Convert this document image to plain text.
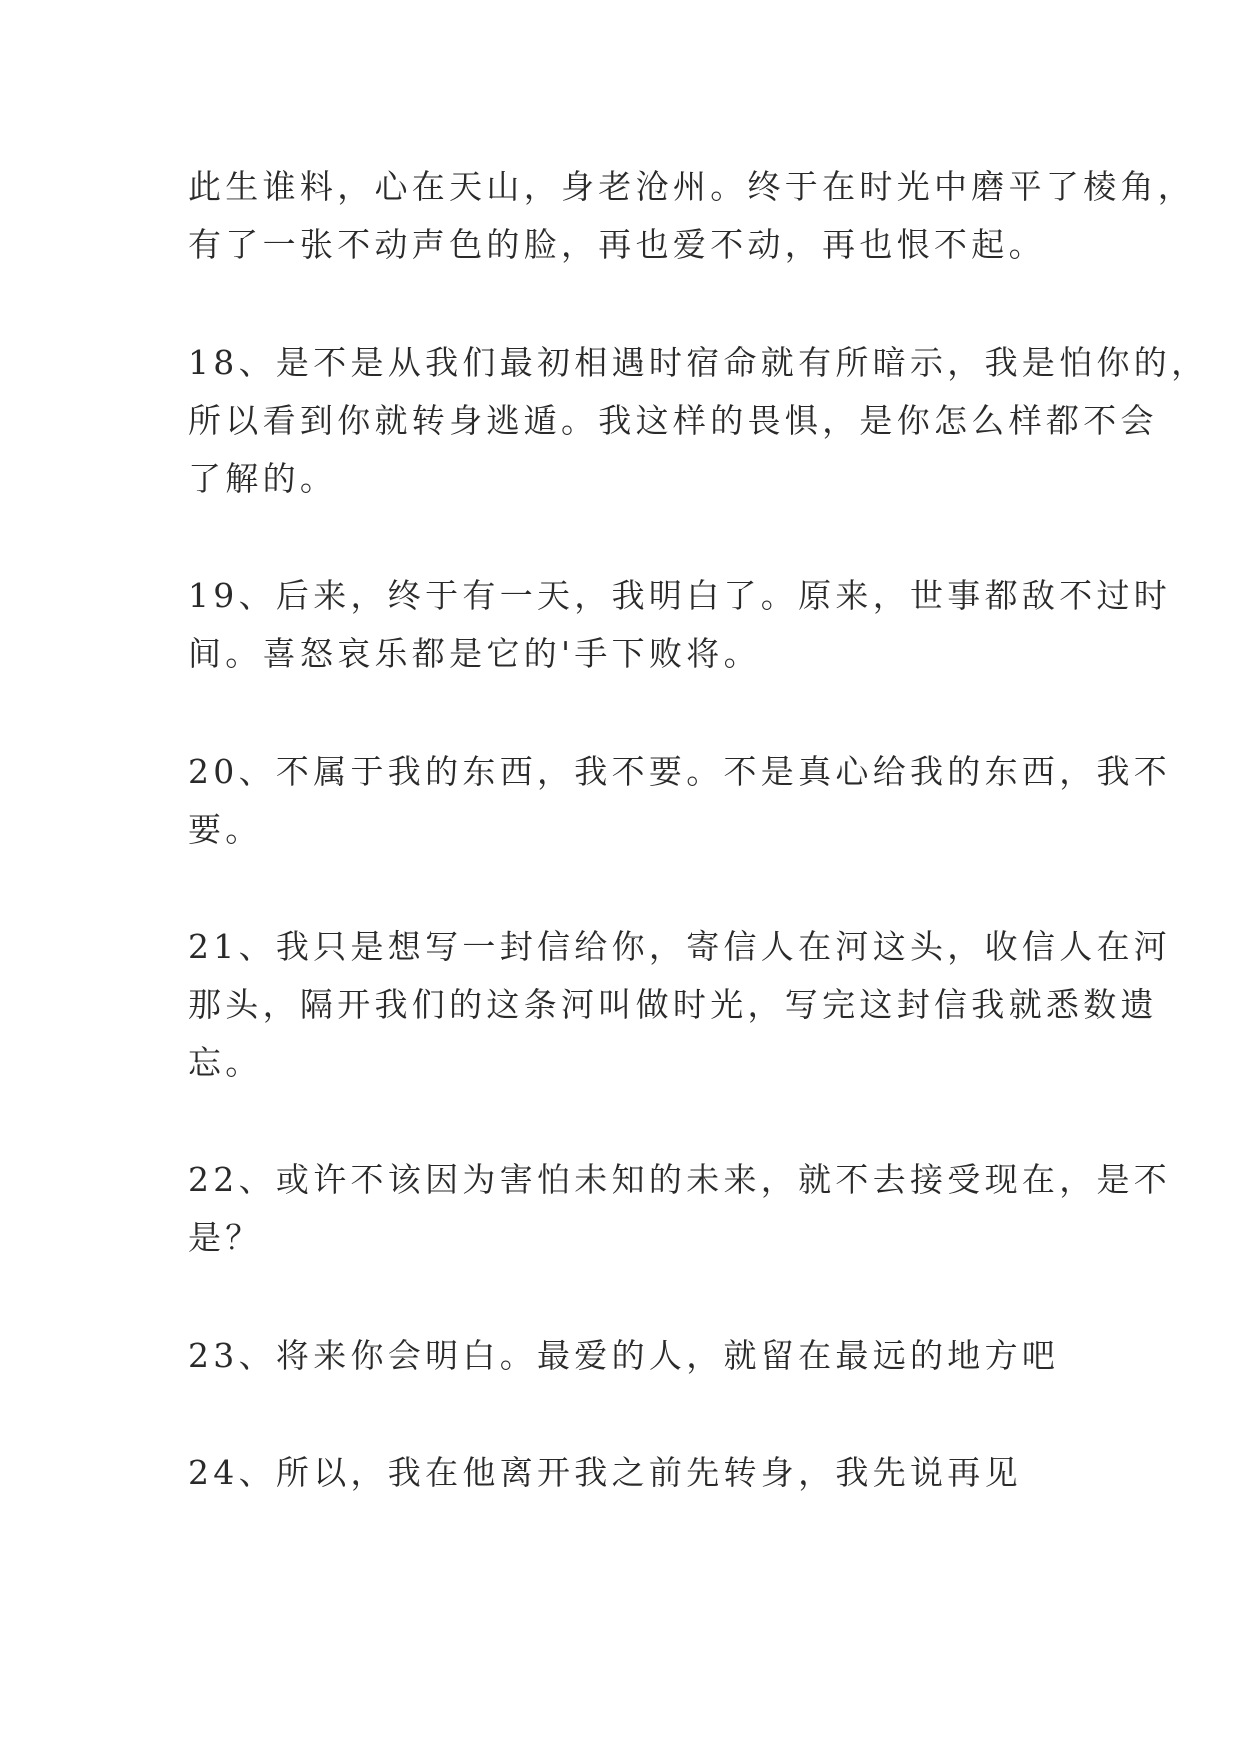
此生谁料，心在天山，身老沧州。终于在时光中磨平了棱角，
有了一张不动声色的脸，再也爱不动，再也恨不起。

18、是不是从我们最初相遇时宿命就有所暗示，我是怕你的，
所以看到你就转身逃遁。我这样的畏惧，是你怎么样都不会
了解的。

19、后来，终于有一天，我明白了。原来，世事都敌不过时
间。喜怒哀乐都是它的'手下败将。

20、不属于我的东西，我不要。不是真心给我的东西，我不
要。

21、我只是想写一封信给你，寄信人在河这头，收信人在河
那头，隔开我们的这条河叫做时光，写完这封信我就悉数遗
忘。

22、或许不该因为害怕未知的未来，就不去接受现在，是不
是？

23、将来你会明白。最爱的人，就留在最远的地方吧

24、所以，我在他离开我之前先转身，我先说再见
